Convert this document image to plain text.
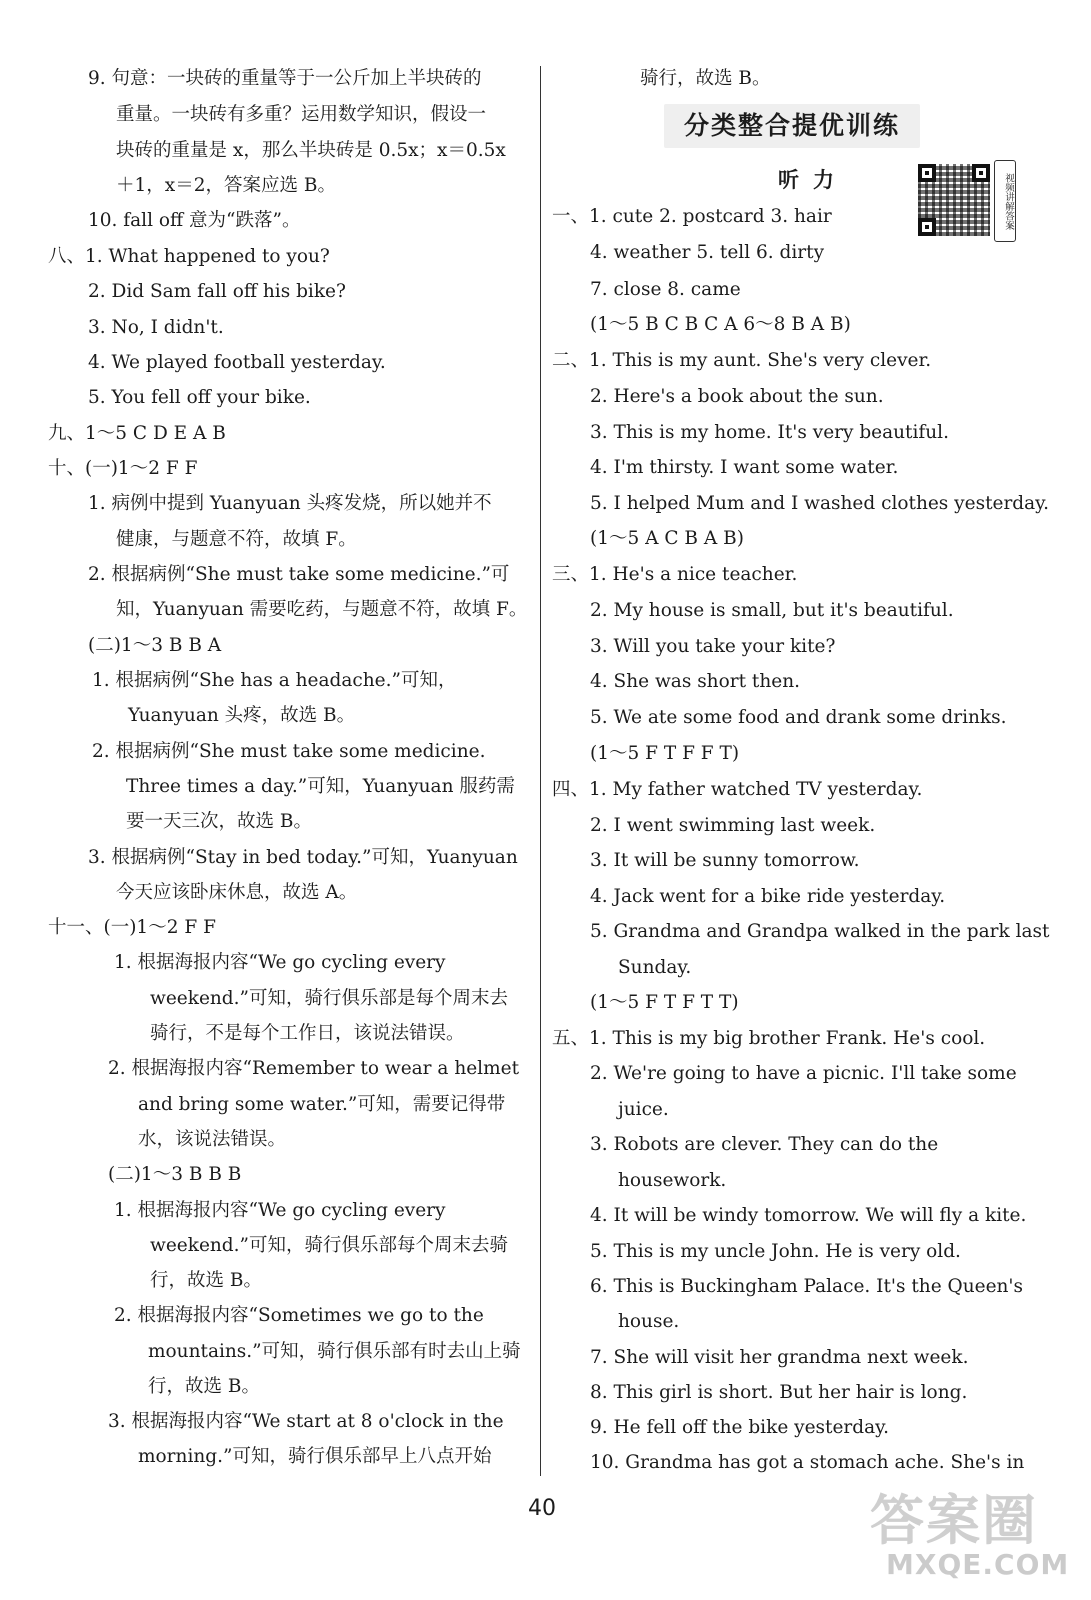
9. 句意：一块砖的重量等于一公斤加上半块砖的
重量。一块砖有多重？运用数学知识，假设一
块砖的重量是 x，那么半块砖是 0.5x；x＝0.5x
＋1，x＝2，答案应选 B。
10. fall off 意为“跌落”。
八、1. What happened to you?
2. Did Sam fall off his bike?
3. No, I didn't.
4. We played football yesterday.
5. You fell off your bike.
九、1～5 C D E A B
十、(一)1～2 F F
1. 病例中提到 Yuanyuan 头疼发烧，所以她并不
健康，与题意不符，故填 F。
2. 根据病例“She must take some medicine.”可
知，Yuanyuan 需要吃药，与题意不符，故填 F。
(二)1～3 B B A
1. 根据病例“She has a headache.”可知，
Yuanyuan 头疼，故选 B。
2. 根据病例“She must take some medicine.
Three times a day.”可知，Yuanyuan 服药需
要一天三次，故选 B。
3. 根据病例“Stay in bed today.”可知，Yuanyuan
今天应该卧床休息，故选 A。
十一、(一)1～2 F F
1. 根据海报内容“We go cycling every
weekend.”可知，骑行俱乐部是每个周末去
骑行，不是每个工作日，该说法错误。
2. 根据海报内容“Remember to wear a helmet
and bring some water.”可知，需要记得带
水，该说法错误。
(二)1～3 B B B
1. 根据海报内容“We go cycling every
weekend.”可知，骑行俱乐部每个周末去骑
行，故选 B。
2. 根据海报内容“Sometimes we go to the
mountains.”可知，骑行俱乐部有时去山上骑
行，故选 B。
3. 根据海报内容“We start at 8 o'clock in the
morning.”可知，骑行俱乐部早上八点开始
骑行，故选 B。
分类整合提优训练
听力	视频讲解答案
一、1. cute 2. postcard 3. hair
4. weather 5. tell 6. dirty
7. close 8. came
(1～5 B C B C A 6～8 B A B)
二、1. This is my aunt. She's very clever.
2. Here's a book about the sun.
3. This is my home. It's very beautiful.
4. I'm thirsty. I want some water.
5. I helped Mum and I washed clothes yesterday.
(1～5 A C B A B)
三、1. He's a nice teacher.
2. My house is small, but it's beautiful.
3. Will you take your kite?
4. She was short then.
5. We ate some food and drank some drinks.
(1～5 F T F F T)
四、1. My father watched TV yesterday.
2. I went swimming last week.
3. It will be sunny tomorrow.
4. Jack went for a bike ride yesterday.
5. Grandma and Grandpa walked in the park last
Sunday.
(1～5 F T F T T)
五、1. This is my big brother Frank. He's cool.
2. We're going to have a picnic. I'll take some
juice.
3. Robots are clever. They can do the
housework.
4. It will be windy tomorrow. We will fly a kite.
5. This is my uncle John. He is very old.
6. This is Buckingham Palace. It's the Queen's
house.
7. She will visit her grandma next week.
8. This girl is short. But her hair is long.
9. He fell off the bike yesterday.
10. Grandma has got a stomach ache. She's in
40	答案圈
MXQE.COM
